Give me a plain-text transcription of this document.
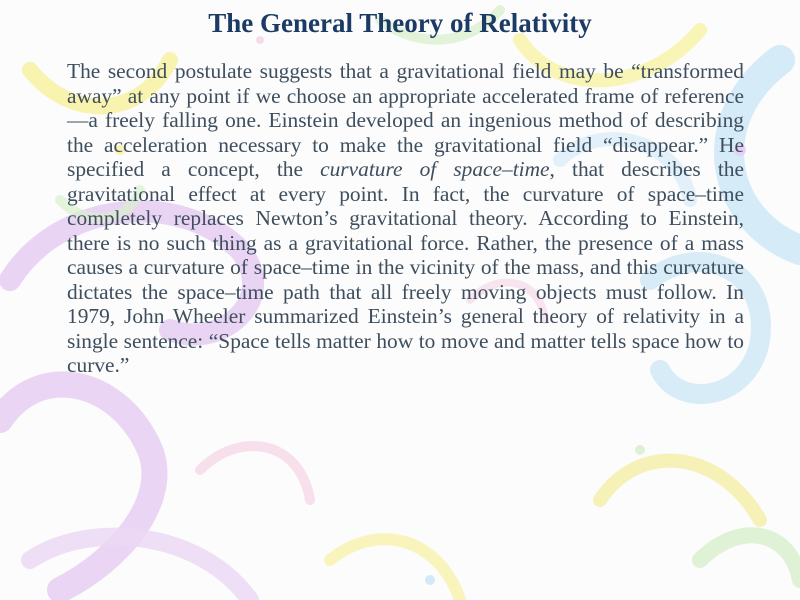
The General Theory of Relativity

The second postulate suggests that a gravitational field may be “transformed away” at any point if we choose an appropriate accelerated frame of reference—a freely falling one. Einstein developed an ingenious method of describing the acceleration necessary to make the gravitational field “disappear.” He specified a concept, the curvature of space–time, that describes the gravitational effect at every point. In fact, the curvature of space–time completely replaces Newton’s gravitational theory. According to Einstein, there is no such thing as a gravitational force. Rather, the presence of a mass causes a curvature of space–time in the vicinity of the mass, and this curvature dictates the space–time path that all freely moving objects must follow. In 1979, John Wheeler summarized Einstein’s general theory of relativity in a single sentence: “Space tells matter how to move and matter tells space how to curve.”
